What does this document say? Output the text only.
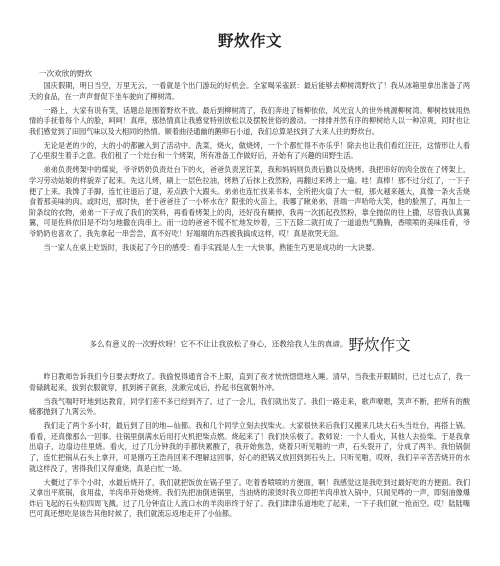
野炊作文
一次欢欣的野炊

国庆假期，明日当空，万里无云，一看就是个出门游玩的好机会。全家喝采雀跃：最后能够去柳树湾野炊了！我从冰箱里拿出准备了两天的食品，在一声声督促下坐车驶向了柳树湾。

一路上，大家有说有笑，话题总是围着野炊不放。最后到柳树湾了，我们奔进了杨柳依依，风光宜人的世外桃源柳树湾。柳树枝妹用热情的手抚着每个人的脸，呵呵！真痒，那热情真让我感觉特别放松以及摆脱世俗的激动。一排排并然有序的柳树给人以一种凉爽，同时也让我们感觉到了田园气味以及大相同的热情。顺着曲径通幽的鹅卵石小道，我们总算是找到了大来人往的野炊台。

无论是老的少的，大的小的都融入到了活动中。洗菜，烧火，做烧烤，一个个都忙得不亦乐乎！除去也让我们看红汪汪，这情形让人看了心里很生着手之意。我们租了一个灶台和一个烤架，所有准备工作做好后，开始有了兴趣的田野生活。

弟弟负责烤架中的煤炭，爷爷奶奶负责灶台下的火，爸爸负责烹饪菜，我和妈妈则负责后勤以及烧烤。我把串好的肉全放在了烤架上，学习劳动姑娘的样貌弄了起来。先这儿烤，刷上一层色拉油，烤熟了后抹上孜然粉，再翻过来烤上一遍。哇！真棒！那不过分红了，一下子便了上来。我馋了手脚，连忙往退后了退，差点跌个大跟头。弟弟也连忙找来书本，全所把火扇了大一根，那火越来越大，真像一条火舌烧食着那美味的肉。或时迟，那时快，老于爸爸往了一小杯水在？限张的火苗上，我哪了瞅弟弟，昔端一声哈哈大笑，他的脸黑了，再加上一阶条纹的衣物，弟弟一下子成了我们的笑料，再看看烤架上的肉，还好没有糊掉，我再一次抓起孜然粉，靠全抛似的往上撒，尽管我认真翼翼，可是佐料依旧是不均匀地撒在肉串上。而一边的爸爸不慌不忙地发炒着，三下五除二就打成了一道道热气腾腾，香喷喷的美味佳肴，爷爷奶奶也喜欢了，我先拿起一串尝尝，真不好吃！好端端的东西被我搞成这样，哎！真是欲哭无泪。

当一家人在桌上吃饭时，我谈起了今日的感受：看手实践是人生一大快事，熟能生巧更是成功的一大诀要。

多么有意义的一次野炊呀！它不不让让我放松了身心，还教给我人生的真谛。野炊作文

昨日教师告诉我们今日要去野炊了。我偷悦得通宵合不上眼，直到了夜才恍恍惚惚地入睡。清早，当我张开眼睛时，已过七点了，我一骨碌跳起来，拔到衣服就穿，抓到裤子就套，洗漱完成后，拎起书包就朝外冲。

当我气喘吁吁地到达教育，同学们差不多已经到齐了。过了一会儿，我们就出发了。我们一路走来，歌声嘹嗯，笑声不断，把所有的酸痛都抛到了九霄云外。

我们走了两个多小时，最后到了目的地—仙都。我和几个同学立刻去找柴火。大家很快来后我们又搬来几块大石头当灶台，再搭上锅。看看，还真像那么一回事。往锅里倒满水后用打火机把柴点燃。烧起来了！我们快乐极了。教师说：一个人看火，其他人去捡柴。于是我拿出扇子，边扇边往里烧。看火，过了几分钟我的手都快累酸了，我开始焦急，烧着只听见啪的一声，石头裂开了，分成了两半。我怕锅倒了，连忙把锅从石头上拿开，可是刚巧王浩肖回来不理解这回事，好心的把锅又放回到到石头上。只听见啪，哎呀，我们辛辛苦苦烧开的水就这样没了，害得我们又得重烧，真是白忙一场。

大概过了半个小时，水最后烧开了，我们就把饭放在锅子里了。吃着香喷喷的方便面，啊！我感觉这是我吃到过最好吃的方便面。我们又拿出平底锅，食用盐，羊肉串开始烧烤。我们先把油倒进锅里，当油烧的滚烫时我立即把羊肉串放入锅中，只闻见哗的一声，即刻油像爆炸后飞起的石头粒四周飞溅。过了几分钟直让人流口水的羊肉串终于好了。我们津津乐道地吃了起来，一下子我们就一抢而空。哎！陆陆嘴巴可真还想吃是该告其他时候了，我们就流忘返地走开了小仙都。
